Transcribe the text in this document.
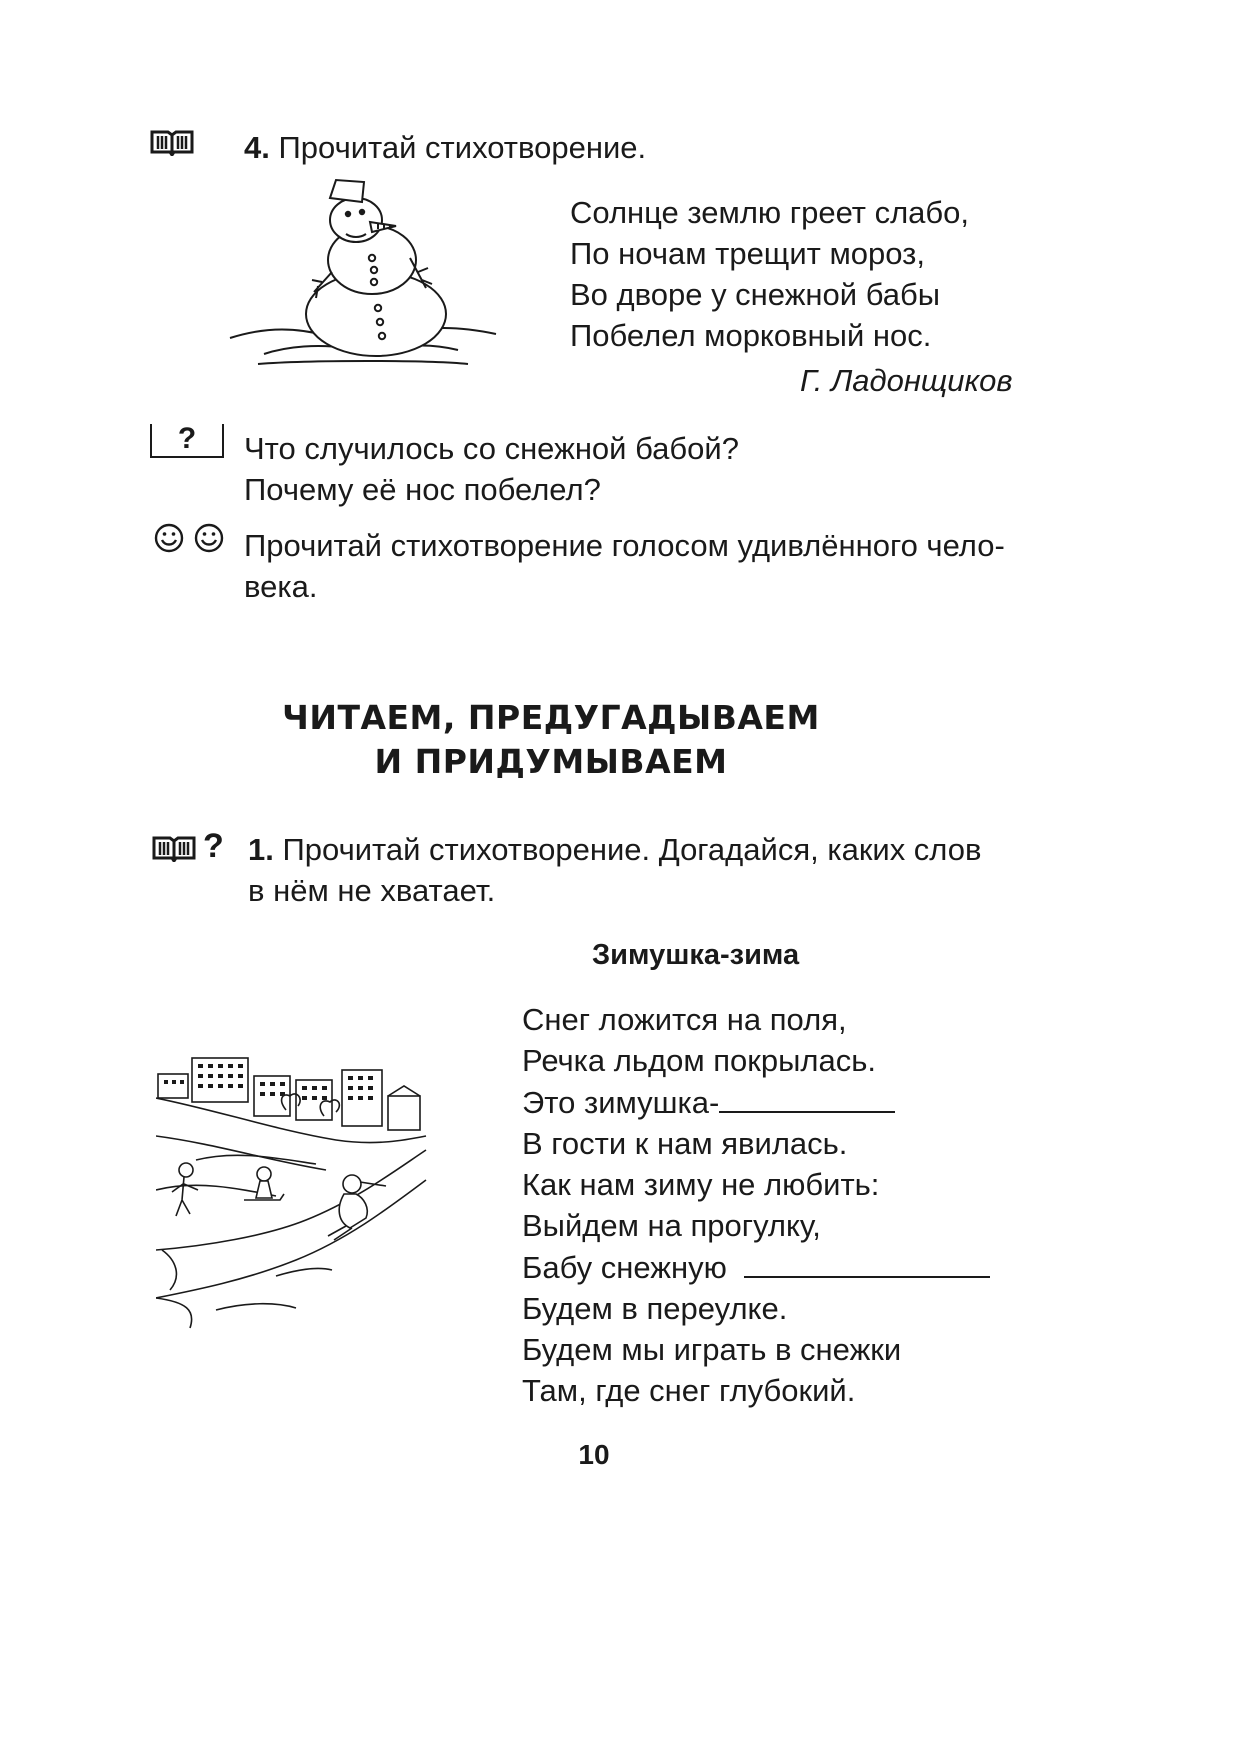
4. Прочитай стихотворение.
Солнце землю греет слабо,
По ночам трещит мороз,
Во дворе у снежной бабы
Побелел морковный нос.
Г. Ладонщиков
?	Что случилось со снежной бабой?
Почему её нос побелел?
Прочитай стихотворение голосом удивлённого чело-
века.
ЧИТАЕМ, ПРЕДУГАДЫВАЕМ
И ПРИДУМЫВАЕМ
? 1. Прочитай стихотворение. Догадайся, каких слов
в нём не хватает.
Зимушка-зима
Снег ложится на поля,
Речка льдом покрылась.
Это зимушка-
В гости к нам явилась.
Как нам зиму не любить:
Выйдем на прогулку,
Бабу снежную
Будем в переулке.
Будем мы играть в снежки
Там, где снег глубокий.
10
